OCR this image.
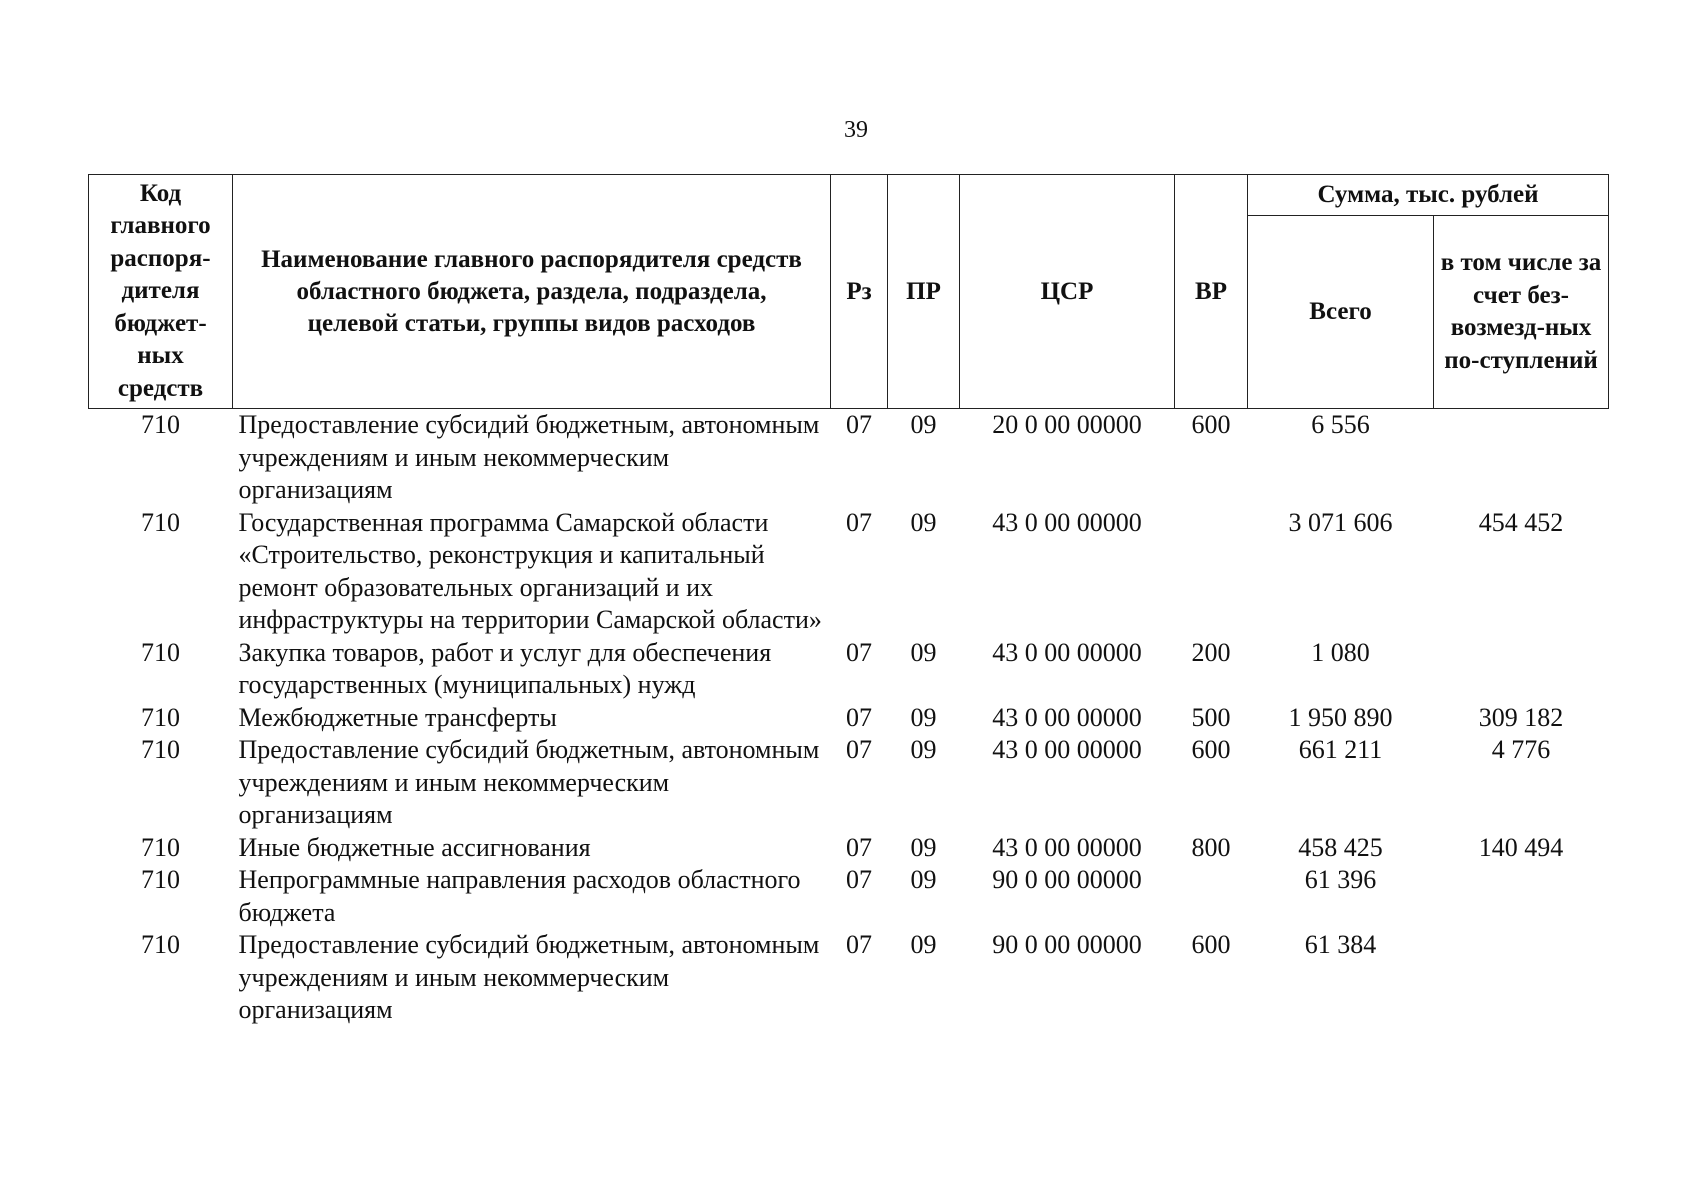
39
Код главного распоря-дителя бюджет-ных средств	Наименование главного распорядителя средств областного бюджета, раздела, подраздела, целевой статьи, группы видов расходов	Рз	ПР	ЦСР	ВР	Сумма, тыс. рублей	
						Всего	в том числе за счет без-возмезд-ных по-ступлений
710	Предоставление субсидий бюджетным, автономным учреждениям и иным некоммерческим организациям	07	09	20 0 00 00000	600	6 556	
710	Государственная программа Самарской области «Строительство, реконструкция и капитальный ремонт образовательных организаций и их инфраструктуры на территории Самарской области»	07	09	43 0 00 00000		3 071 606	454 452
710	Закупка товаров, работ и услуг для обеспечения государственных (муниципальных) нужд	07	09	43 0 00 00000	200	1 080	
710	Межбюджетные трансферты	07	09	43 0 00 00000	500	1 950 890	309 182
710	Предоставление субсидий бюджетным, автономным учреждениям и иным некоммерческим организациям	07	09	43 0 00 00000	600	661 211	4 776
710	Иные бюджетные ассигнования	07	09	43 0 00 00000	800	458 425	140 494
710	Непрограммные направления расходов областного бюджета	07	09	90 0 00 00000		61 396	
710	Предоставление субсидий бюджетным, автономным учреждениям и иным некоммерческим организациям	07	09	90 0 00 00000	600	61 384	
